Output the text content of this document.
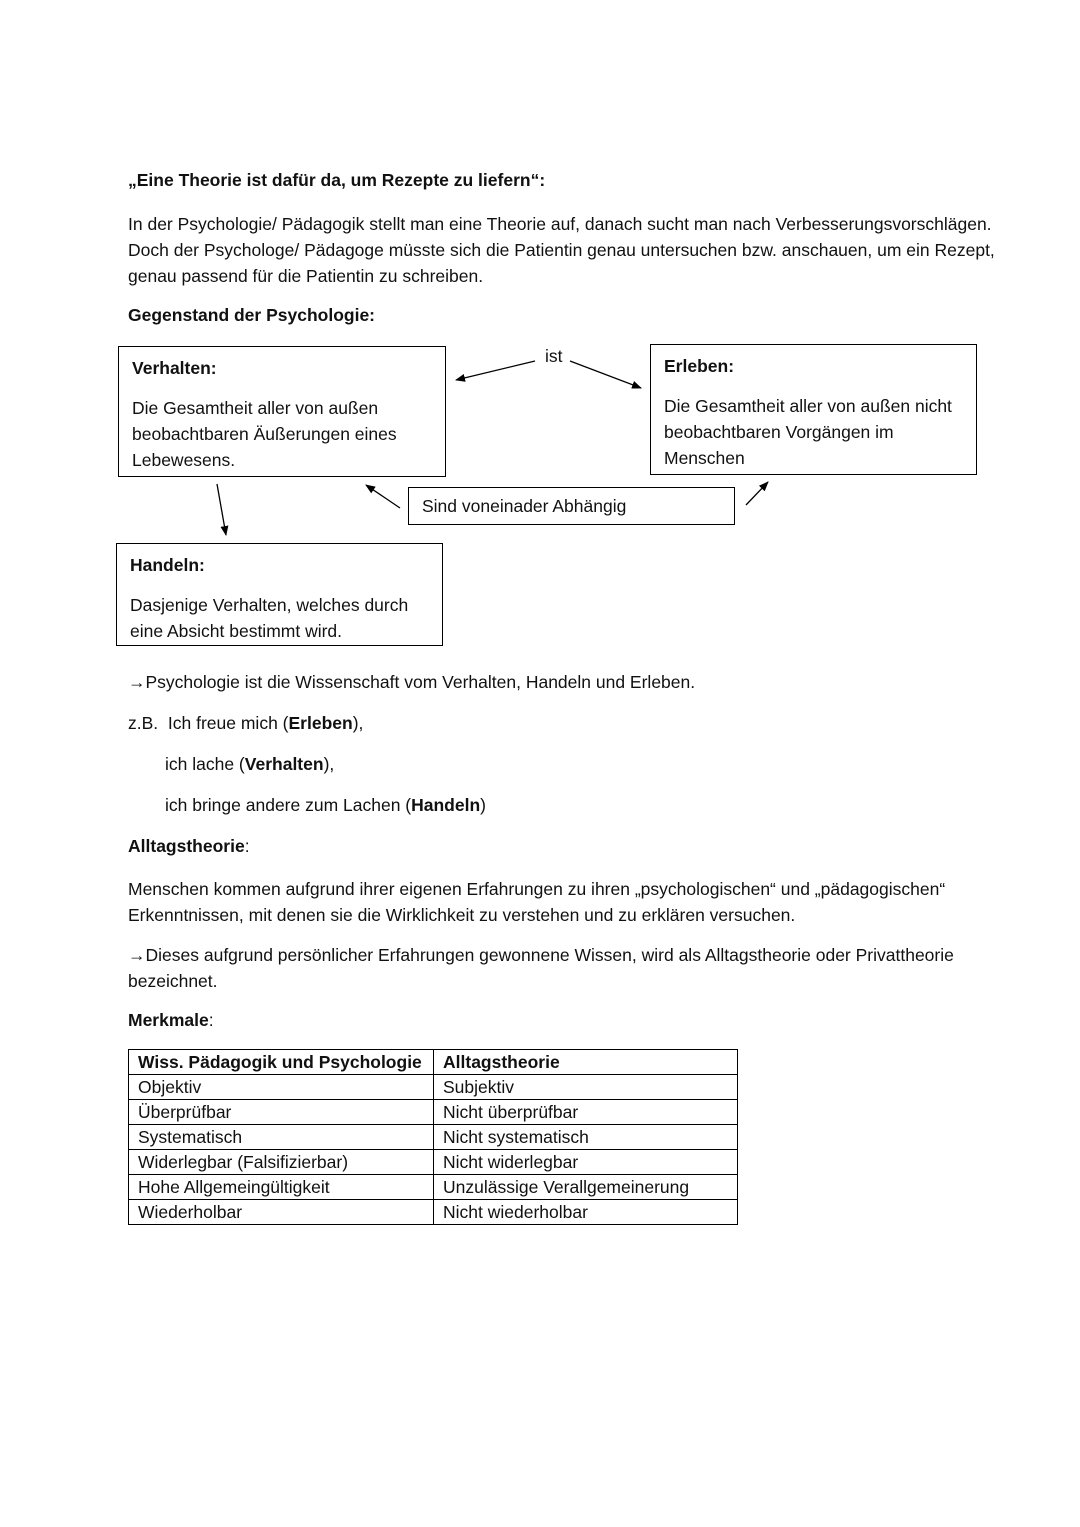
„Eine Theorie ist dafür da, um Rezepte zu liefern“:

In der Psychologie/ Pädagogik stellt man eine Theorie auf, danach sucht man nach Verbesserungsvorschlägen. Doch der Psychologe/ Pädagoge müsste sich die Patientin genau untersuchen bzw. anschauen, um ein Rezept, genau passend für die Patientin zu schreiben.

Gegenstand der Psychologie:

Verhalten:
Die Gesamtheit aller von außen beobachtbaren Äußerungen eines Lebewesens.
Erleben:
Die Gesamtheit aller von außen nicht beobachtbaren Vorgängen im Menschen
Handeln:
Dasjenige Verhalten, welches durch eine Absicht bestimmt wird.
Sind voneinader Abhängig
ist

→Psychologie ist die Wissenschaft vom Verhalten, Handeln und Erleben.

z.B. Ich freue mich (Erleben),

ich lache (Verhalten),

ich bringe andere zum Lachen (Handeln)

Alltagstheorie:

Menschen kommen aufgrund ihrer eigenen Erfahrungen zu ihren „psychologischen“ und „pädagogischen“ Erkenntnissen, mit denen sie die Wirklichkeit zu verstehen und zu erklären versuchen.

→Dieses aufgrund persönlicher Erfahrungen gewonnene Wissen, wird als Alltagstheorie oder Privattheorie bezeichnet.

Merkmale:

Wiss. Pädagogik und Psychologie	Alltagstheorie
Objektiv	Subjektiv
Überprüfbar	Nicht überprüfbar
Systematisch	Nicht systematisch
Widerlegbar (Falsifizierbar)	Nicht widerlegbar
Hohe Allgemeingültigkeit	Unzulässige Verallgemeinerung
Wiederholbar	Nicht wiederholbar
